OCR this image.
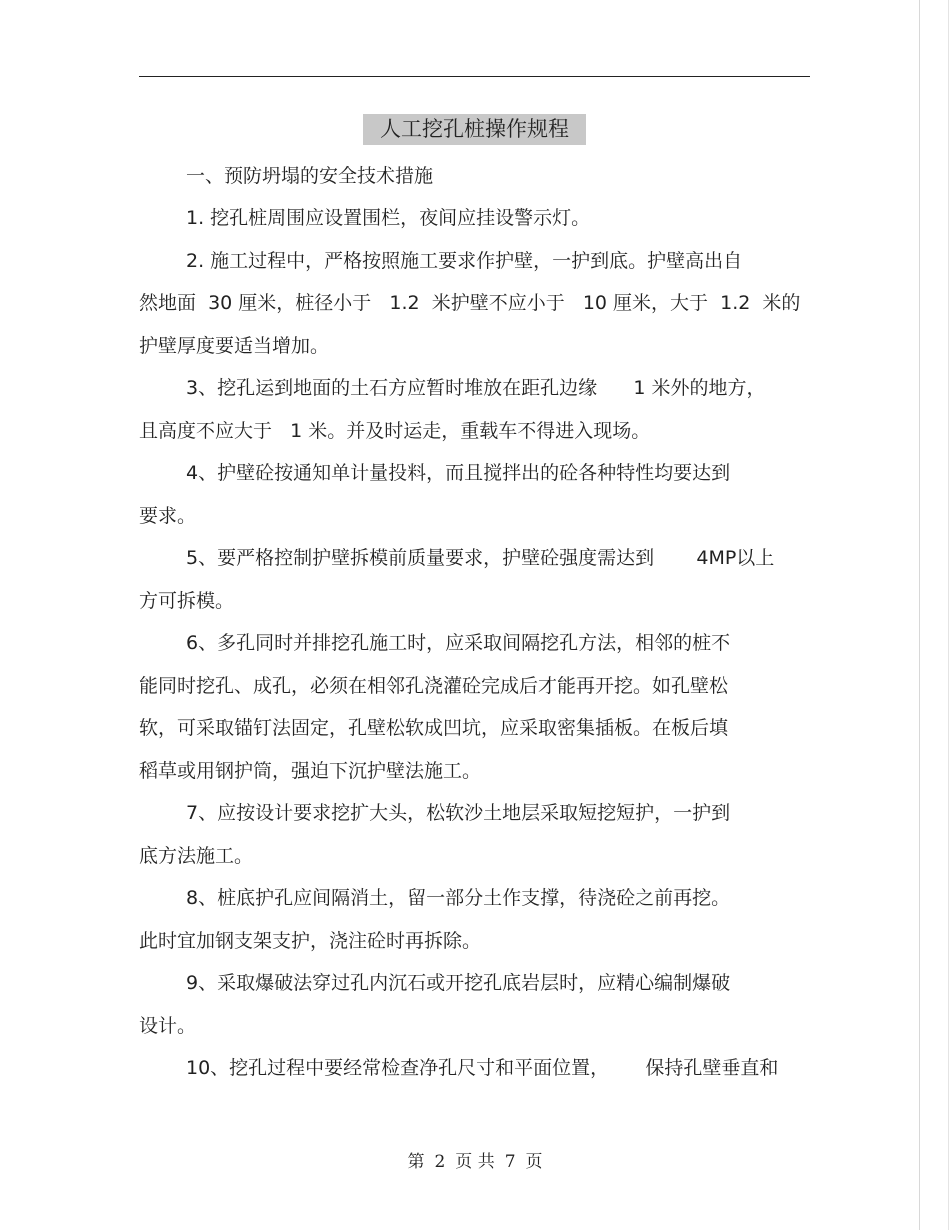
人工挖孔桩操作规程
一、预防坍塌的安全技术措施
1. 挖孔桩周围应设置围栏，夜间应挂设警示灯。
2. 施工过程中，严格按照施工要求作护壁，一护到底。护壁高出自
然地面  30 厘米，桩径小于   1.2  米护壁不应小于   10 厘米，大于  1.2  米的
护壁厚度要适当增加。
3、挖孔运到地面的土石方应暂时堆放在距孔边缘      1 米外的地方，
且高度不应大于   1 米。并及时运走，重载车不得进入现场。
4、护壁砼按通知单计量投料，而且搅拌出的砼各种特性均要达到
要求。
5、要严格控制护壁拆模前质量要求，护壁砼强度需达到       4MP以上
方可拆模。
6、多孔同时并排挖孔施工时，应采取间隔挖孔方法，相邻的桩不
能同时挖孔、成孔，必须在相邻孔浇灌砼完成后才能再开挖。如孔壁松
软，可采取锚钉法固定，孔壁松软成凹坑，应采取密集插板。在板后填
稻草或用钢护筒，强迫下沉护壁法施工。
7、应按设计要求挖扩大头，松软沙土地层采取短挖短护，一护到
底方法施工。
8、桩底护孔应间隔消土，留一部分土作支撑，待浇砼之前再挖。
此时宜加钢支架支护，浇注砼时再拆除。
9、采取爆破法穿过孔内沉石或开挖孔底岩层时，应精心编制爆破
设计。
10、挖孔过程中要经常检查净孔尺寸和平面位置，      保持孔壁垂直和
第 2 页 共 7 页
